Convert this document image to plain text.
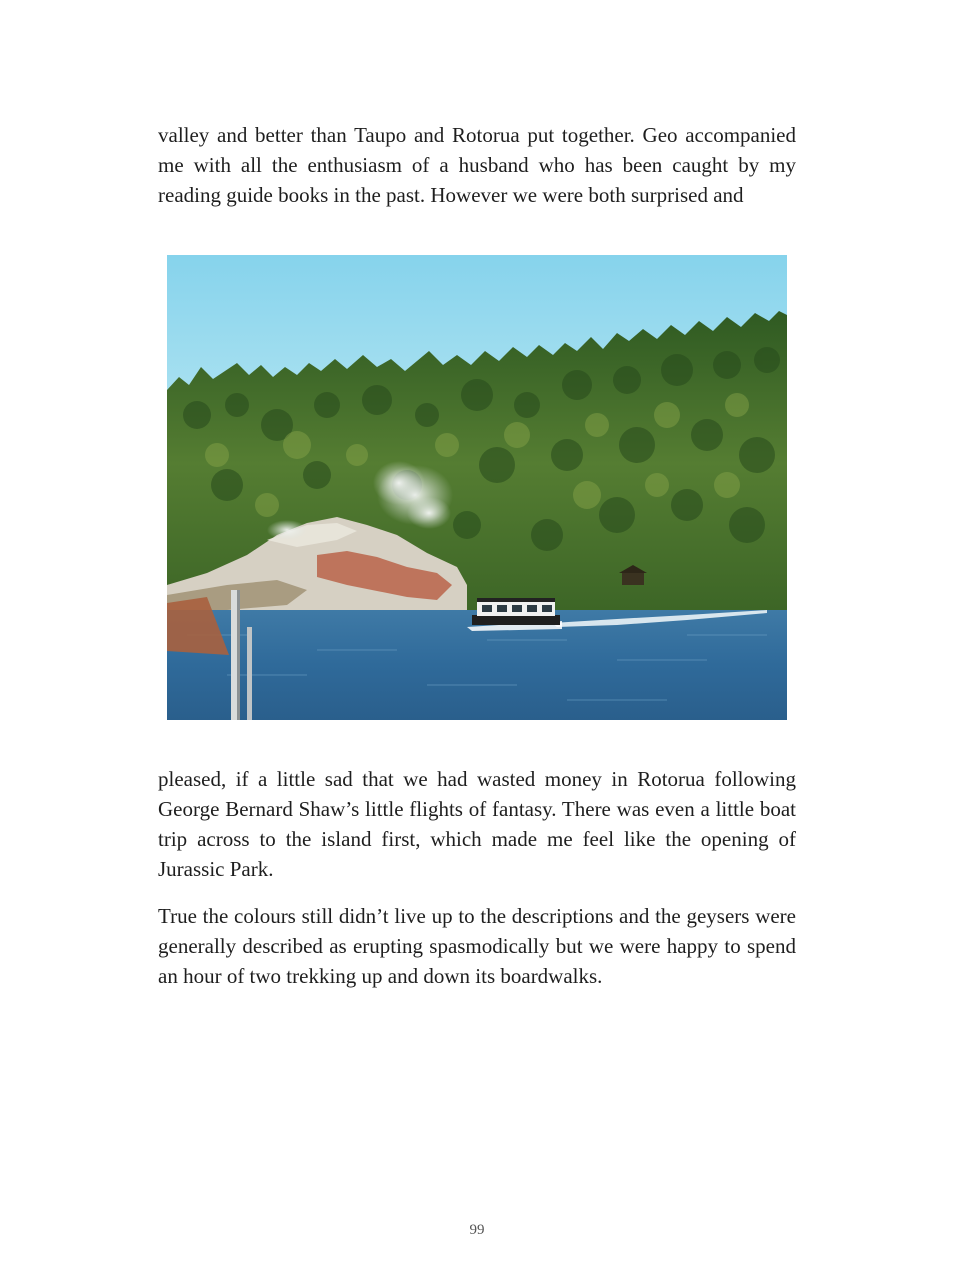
valley and better than Taupo and Rotorua put together. Geo accompanied me with all the enthusiasm of a husband who has been caught by my reading guide books in the past. However we were both surprised and

pleased, if a little sad that we had wasted money in Rotorua following George Bernard Shaw’s little flights of fantasy. There was even a little boat trip across to the island first, which made me feel like the opening of Jurassic Park.

True the colours still didn’t live up to the descriptions and the geysers were generally described as erupting spasmodically but we were happy to spend an hour of two trekking up and down its boardwalks.

99
